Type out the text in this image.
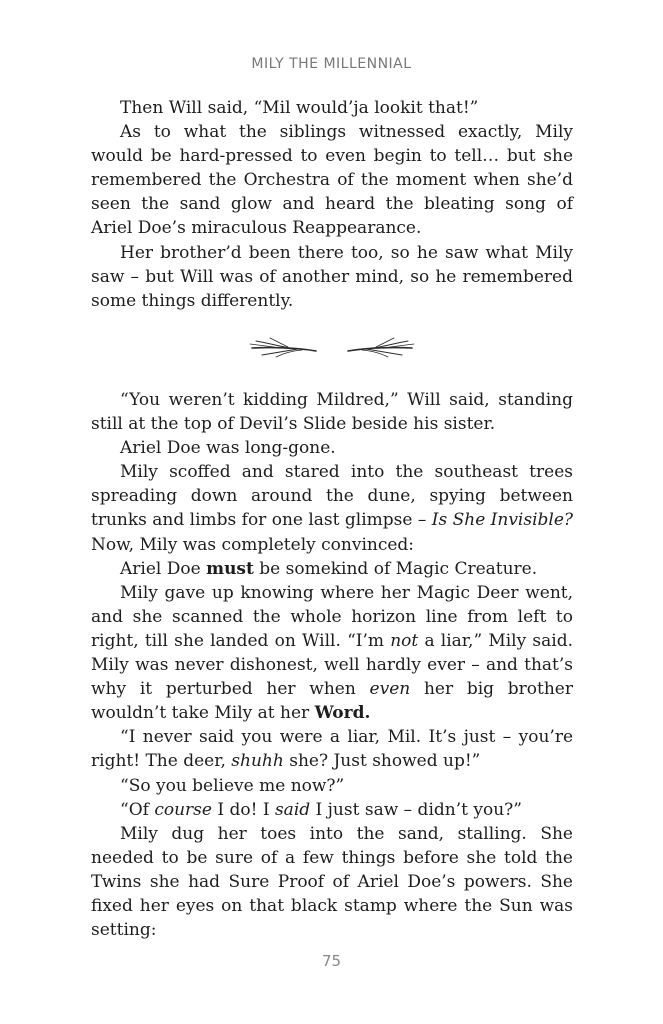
MILY THE MILLENNIAL

Then Will said, “Mil would’ja lookit that!”

As to what the siblings witnessed exactly, Mily would be hard-pressed to even begin to tell… but she remembered the Orchestra of the moment when she’d seen the sand glow and heard the bleating song of Ariel Doe’s miraculous Reappearance.

Her brother’d been there too, so he saw what Mily saw – but Will was of another mind, so he remembered some things differently.

“You weren’t kidding Mildred,” Will said, standing still at the top of Devil’s Slide beside his sister.

Ariel Doe was long-gone.

Mily scoffed and stared into the southeast trees spreading down around the dune, spying between trunks and limbs for one last glimpse – Is She Invisible? Now, Mily was completely convinced:

Ariel Doe must be somekind of Magic Creature.

Mily gave up knowing where her Magic Deer went, and she scanned the whole horizon line from left to right, till she landed on Will. “I’m not a liar,” Mily said. Mily was never dishonest, well hardly ever – and that’s why it perturbed her when even her big brother wouldn’t take Mily at her Word.

“I never said you were a liar, Mil. It’s just – you’re right! The deer, shuhh she? Just showed up!”

“So you believe me now?”

“Of course I do! I said I just saw – didn’t you?”

Mily dug her toes into the sand, stalling. She needed to be sure of a few things before she told the Twins she had Sure Proof of Ariel Doe’s powers. She fixed her eyes on that black stamp where the Sun was setting:

75
